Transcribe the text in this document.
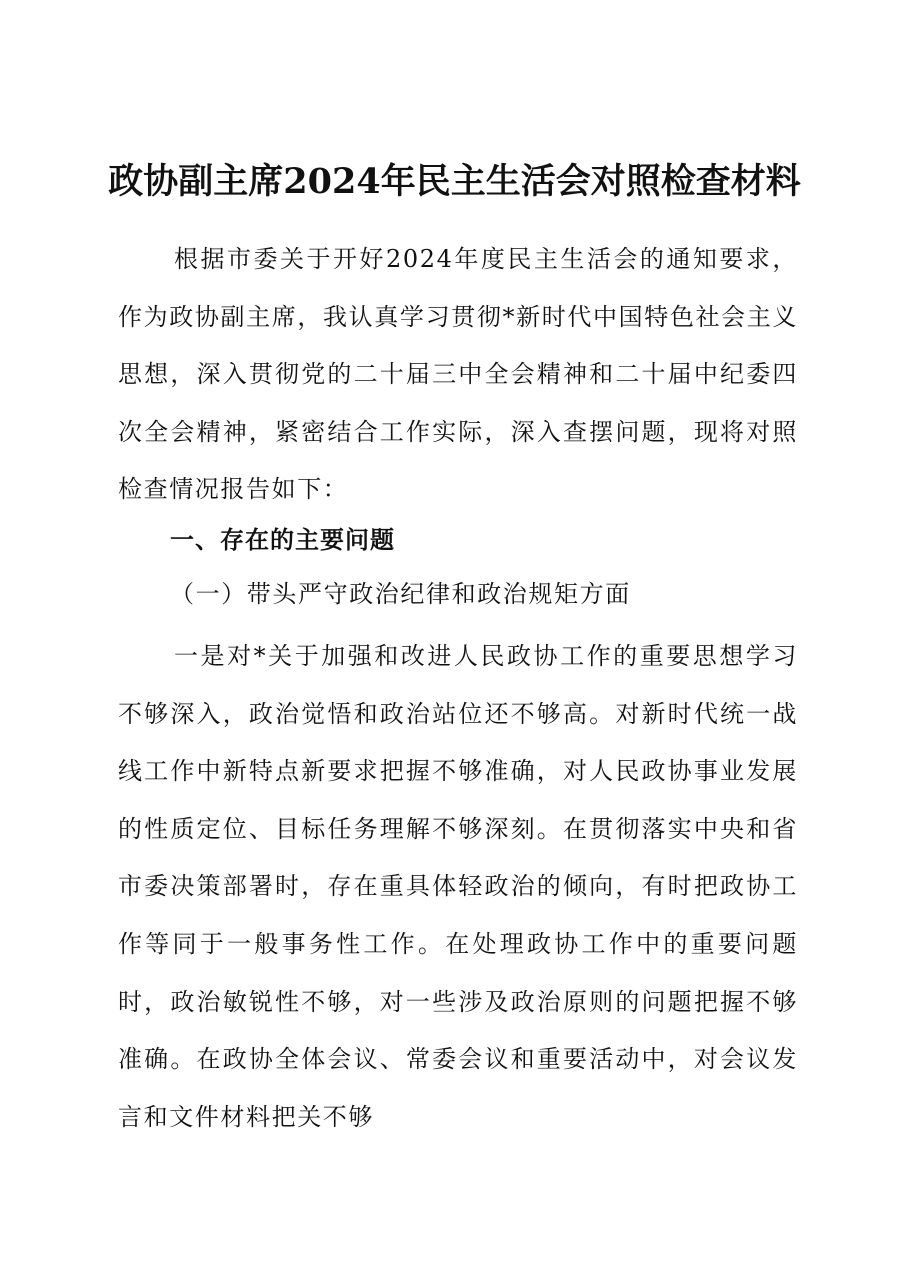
政协副主席2024年民主生活会对照检查材料

根据市委关于开好2024年度民主生活会的通知要求，作为政协副主席，我认真学习贯彻*新时代中国特色社会主义思想，深入贯彻党的二十届三中全会精神和二十届中纪委四次全会精神，紧密结合工作实际，深入查摆问题，现将对照检查情况报告如下：

一、存在的主要问题
（一）带头严守政治纪律和政治规矩方面

一是对*关于加强和改进人民政协工作的重要思想学习不够深入，政治觉悟和政治站位还不够高。对新时代统一战线工作中新特点新要求把握不够准确，对人民政协事业发展的性质定位、目标任务理解不够深刻。在贯彻落实中央和省市委决策部署时，存在重具体轻政治的倾向，有时把政协工作等同于一般事务性工作。在处理政协工作中的重要问题时，政治敏锐性不够，对一些涉及政治原则的问题把握不够准确。在政协全体会议、常委会议和重要活动中，对会议发言和文件材料把关不够
